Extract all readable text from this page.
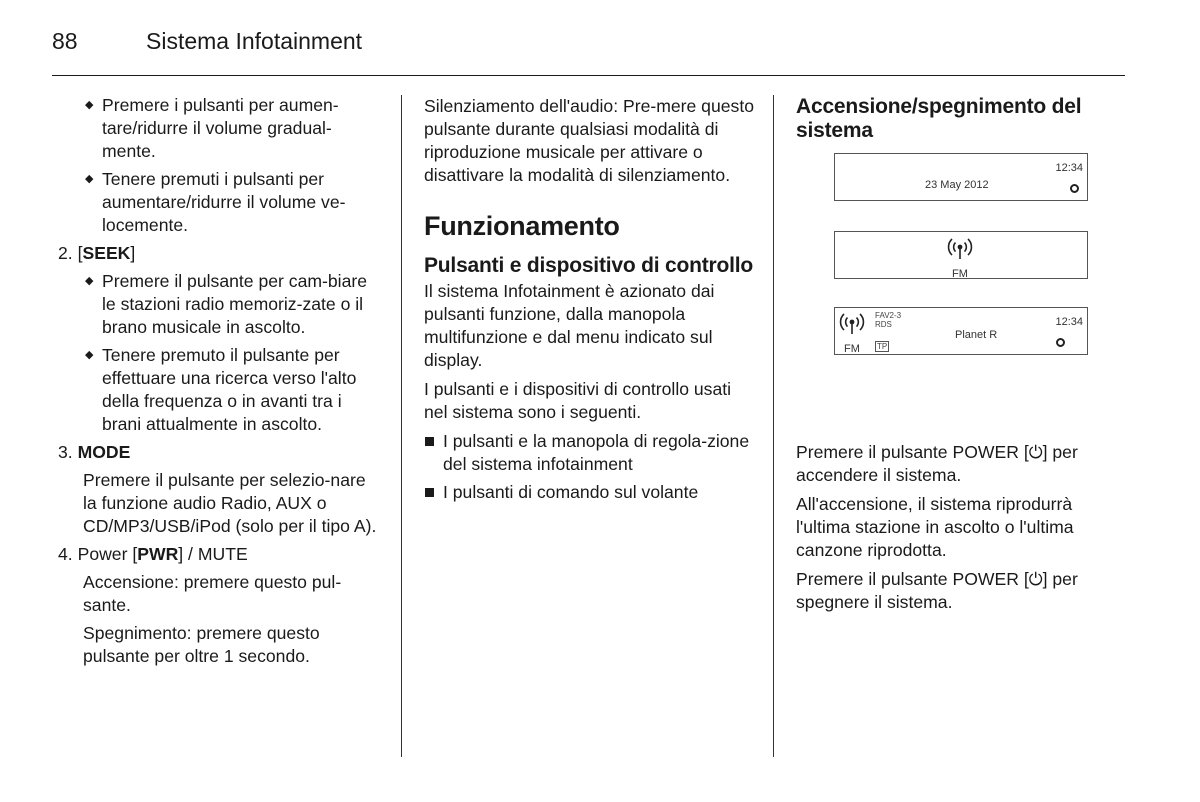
88	Sistema Infotainment
◆ Premere i pulsanti per aumen-tare/ridurre il volume gradual-mente.
◆ Tenere premuti i pulsanti per aumentare/ridurre il volume ve-locemente.
2. [SEEK]
◆ Premere il pulsante per cam-biare le stazioni radio memoriz-zate o il brano musicale in ascolto.
◆ Tenere premuto il pulsante per effettuare una ricerca verso l'alto della frequenza o in avanti tra i brani attualmente in ascolto.
3. MODE
Premere il pulsante per selezio-nare la funzione audio Radio, AUX o CD/MP3/USB/iPod (solo per il tipo A).
4. Power [PWR] / MUTE
Accensione: premere questo pul-sante.
Spegnimento: premere questo pulsante per oltre 1 secondo.

Silenziamento dell'audio: Pre-mere questo pulsante durante qualsiasi modalità di riproduzione musicale per attivare o disattivare la modalità di silenziamento.

Funzionamento
Pulsanti e dispositivo di controllo

Il sistema Infotainment è azionato dai pulsanti funzione, dalla manopola multifunzione e dal menu indicato sul display.

I pulsanti e i dispositivi di controllo usati nel sistema sono i seguenti.

I pulsanti e la manopola di regola-zione del sistema infotainment
I pulsanti di comando sul volante
Accensione/spegnimento del sistema
12:34
23 May 2012
FM
FM
FAV2-3
RDS
TP
Planet R
12:34

Premere il pulsante POWER [⏻] per accendere il sistema.

All'accensione, il sistema riprodurrà l'ultima stazione in ascolto o l'ultima canzone riprodotta.

Premere il pulsante POWER [⏻] per spegnere il sistema.
